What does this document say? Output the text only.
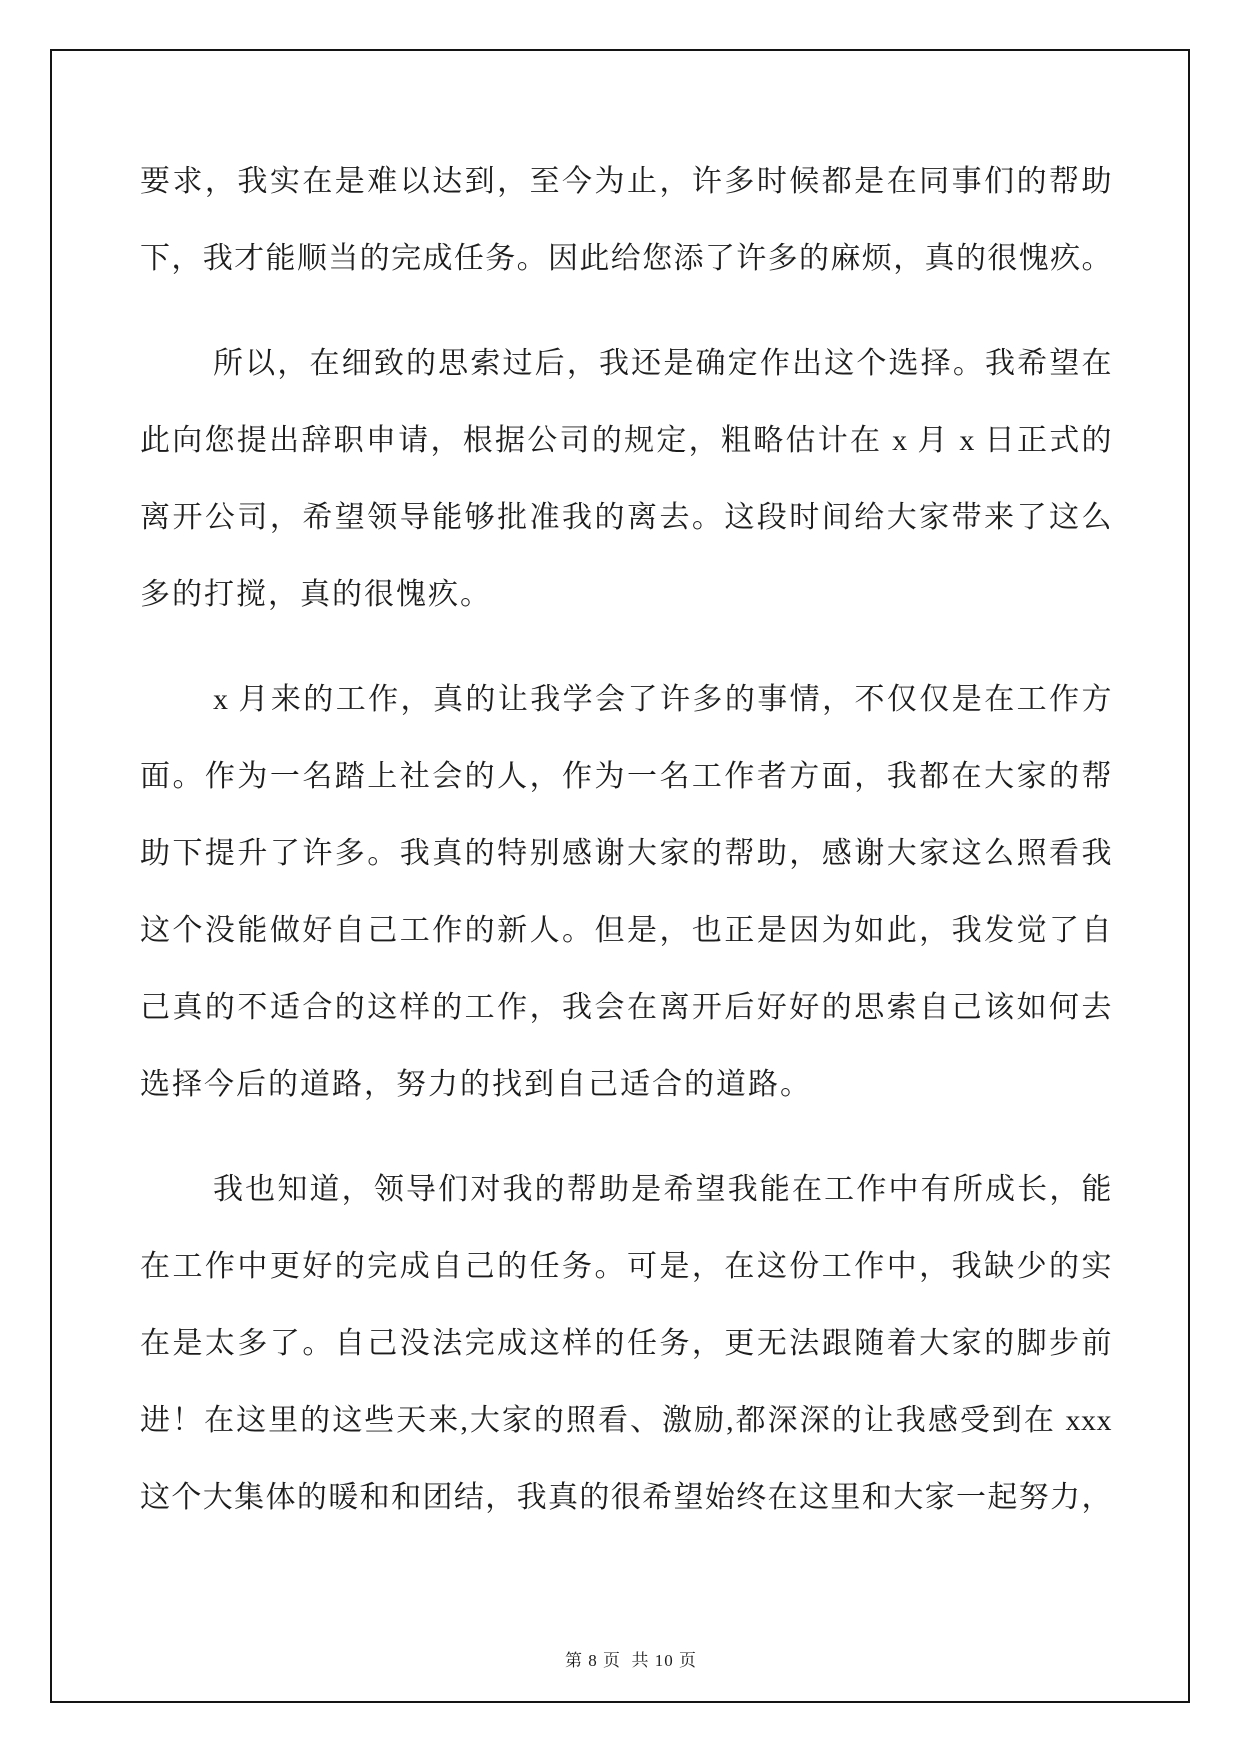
要求，我实在是难以达到，至今为止，许多时候都是在同事们的帮助
下，我才能顺当的完成任务。因此给您添了许多的麻烦，真的很愧疚。
所以，在细致的思索过后，我还是确定作出这个选择。我希望在
此向您提出辞职申请，根据公司的规定，粗略估计在 x 月 x 日正式的
离开公司，希望领导能够批准我的离去。这段时间给大家带来了这么
多的打搅，真的很愧疚。
x 月来的工作，真的让我学会了许多的事情，不仅仅是在工作方
面。作为一名踏上社会的人，作为一名工作者方面，我都在大家的帮
助下提升了许多。我真的特别感谢大家的帮助，感谢大家这么照看我
这个没能做好自己工作的新人。但是，也正是因为如此，我发觉了自
己真的不适合的这样的工作，我会在离开后好好的思索自己该如何去
选择今后的道路，努力的找到自己适合的道路。
我也知道，领导们对我的帮助是希望我能在工作中有所成长，能
在工作中更好的完成自己的任务。可是，在这份工作中，我缺少的实
在是太多了。自己没法完成这样的任务，更无法跟随着大家的脚步前
进！在这里的这些天来,大家的照看、激励,都深深的让我感受到在 xxx
这个大集体的暖和和团结，我真的很希望始终在这里和大家一起努力，

第 8 页  共 10 页
